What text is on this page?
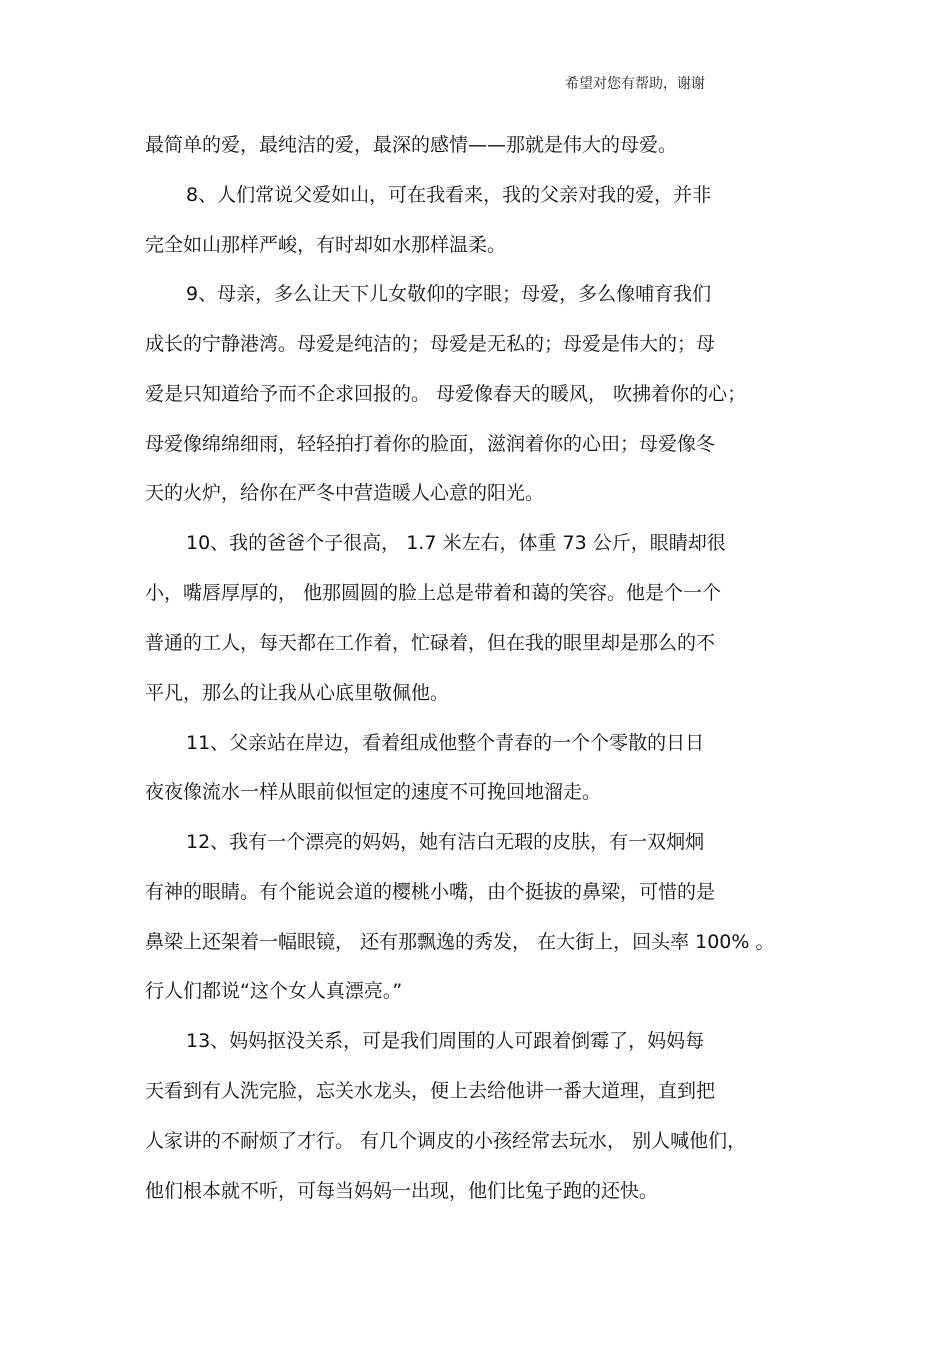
希望对您有帮助，谢谢
最简单的爱，最纯洁的爱，最深的感情——那就是伟大的母爱。
8、人们常说父爱如山，可在我看来，我的父亲对我的爱，并非
完全如山那样严峻，有时却如水那样温柔。
9、母亲，多么让天下儿女敬仰的字眼；母爱，多么像哺育我们
成长的宁静港湾。母爱是纯洁的；母爱是无私的；母爱是伟大的；母
爱是只知道给予而不企求回报的。 母爱像春天的暖风， 吹拂着你的心；
母爱像绵绵细雨，轻轻拍打着你的脸面，滋润着你的心田；母爱像冬
天的火炉，给你在严冬中营造暖人心意的阳光。
10、我的爸爸个子很高， 1.7 米左右，体重 73 公斤，眼睛却很
小，嘴唇厚厚的， 他那圆圆的脸上总是带着和蔼的笑容。他是个一个
普通的工人，每天都在工作着，忙碌着，但在我的眼里却是那么的不
平凡，那么的让我从心底里敬佩他。
11、父亲站在岸边，看着组成他整个青春的一个个零散的日日
夜夜像流水一样从眼前似恒定的速度不可挽回地溜走。
12、我有一个漂亮的妈妈，她有洁白无瑕的皮肤，有一双炯炯
有神的眼睛。有个能说会道的樱桃小嘴，由个挺拔的鼻梁，可惜的是
鼻梁上还架着一幅眼镜， 还有那飘逸的秀发， 在大街上，回头率 100% 。
行人们都说“这个女人真漂亮。”
13、妈妈抠没关系，可是我们周围的人可跟着倒霉了，妈妈每
天看到有人洗完脸，忘关水龙头，便上去给他讲一番大道理，直到把
人家讲的不耐烦了才行。 有几个调皮的小孩经常去玩水， 别人喊他们，
他们根本就不听，可每当妈妈一出现，他们比兔子跑的还快。
